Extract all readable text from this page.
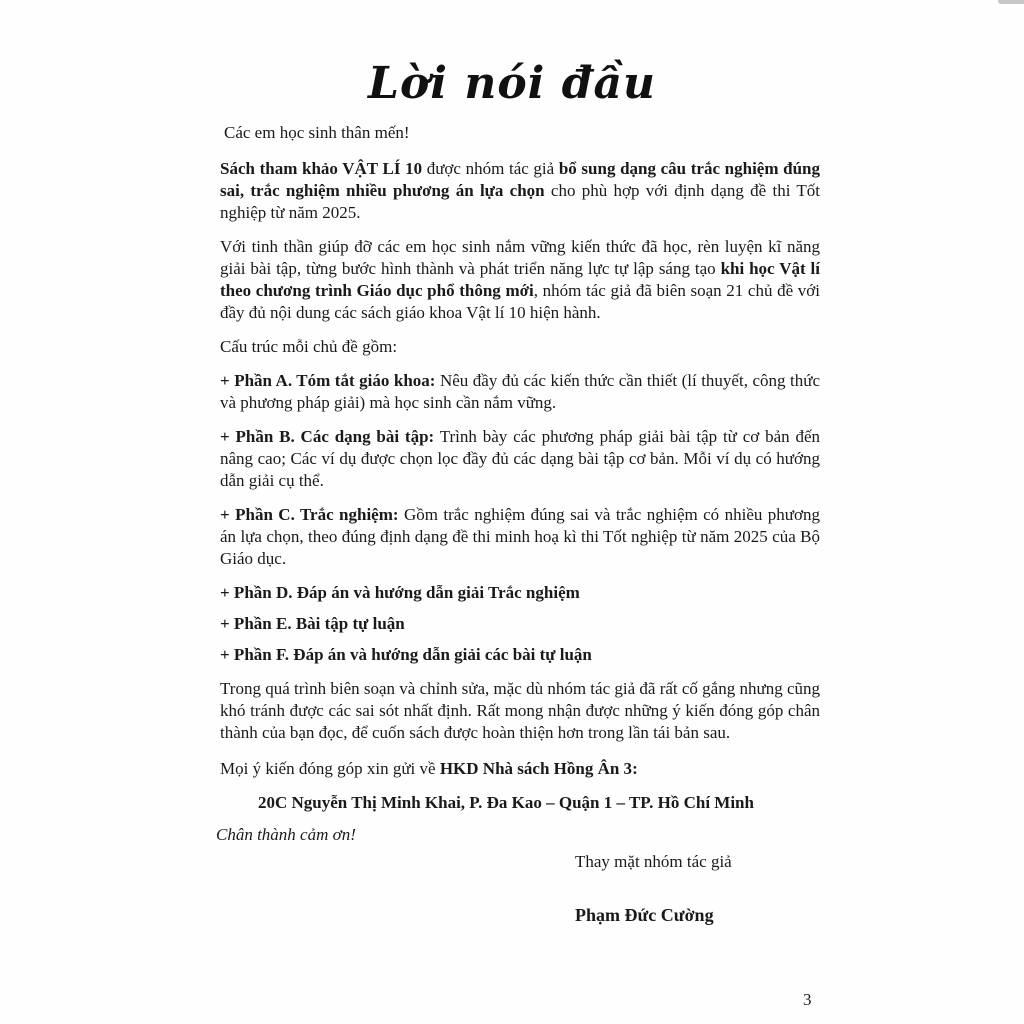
Lời nói đầu

Các em học sinh thân mến!

Sách tham khảo VẬT LÍ 10 được nhóm tác giả bổ sung dạng câu trắc nghiệm đúng sai, trắc nghiệm nhiều phương án lựa chọn cho phù hợp với định dạng đề thi Tốt nghiệp từ năm 2025.

Với tinh thần giúp đỡ các em học sinh nắm vững kiến thức đã học, rèn luyện kĩ năng giải bài tập, từng bước hình thành và phát triển năng lực tự lập sáng tạo khi học Vật lí theo chương trình Giáo dục phổ thông mới, nhóm tác giả đã biên soạn 21 chủ đề với đầy đủ nội dung các sách giáo khoa Vật lí 10 hiện hành.

Cấu trúc mỗi chủ đề gồm:

+ Phần A. Tóm tắt giáo khoa: Nêu đầy đủ các kiến thức cần thiết (lí thuyết, công thức và phương pháp giải) mà học sinh cần nắm vững.

+ Phần B. Các dạng bài tập: Trình bày các phương pháp giải bài tập từ cơ bản đến nâng cao; Các ví dụ được chọn lọc đầy đủ các dạng bài tập cơ bản. Mỗi ví dụ có hướng dẫn giải cụ thể.

+ Phần C. Trắc nghiệm: Gồm trắc nghiệm đúng sai và trắc nghiệm có nhiều phương án lựa chọn, theo đúng định dạng đề thi minh hoạ kì thi Tốt nghiệp từ năm 2025 của Bộ Giáo dục.

+ Phần D. Đáp án và hướng dẫn giải Trắc nghiệm

+ Phần E. Bài tập tự luận

+ Phần F. Đáp án và hướng dẫn giải các bài tự luận

Trong quá trình biên soạn và chỉnh sửa, mặc dù nhóm tác giả đã rất cố gắng nhưng cũng khó tránh được các sai sót nhất định. Rất mong nhận được những ý kiến đóng góp chân thành của bạn đọc, để cuốn sách được hoàn thiện hơn trong lần tái bản sau.

Mọi ý kiến đóng góp xin gửi về HKD Nhà sách Hồng Ân 3:

20C Nguyễn Thị Minh Khai, P. Đa Kao – Quận 1 – TP. Hồ Chí Minh

Chân thành cảm ơn!

Thay mặt nhóm tác giả
Phạm Đức Cường
3
